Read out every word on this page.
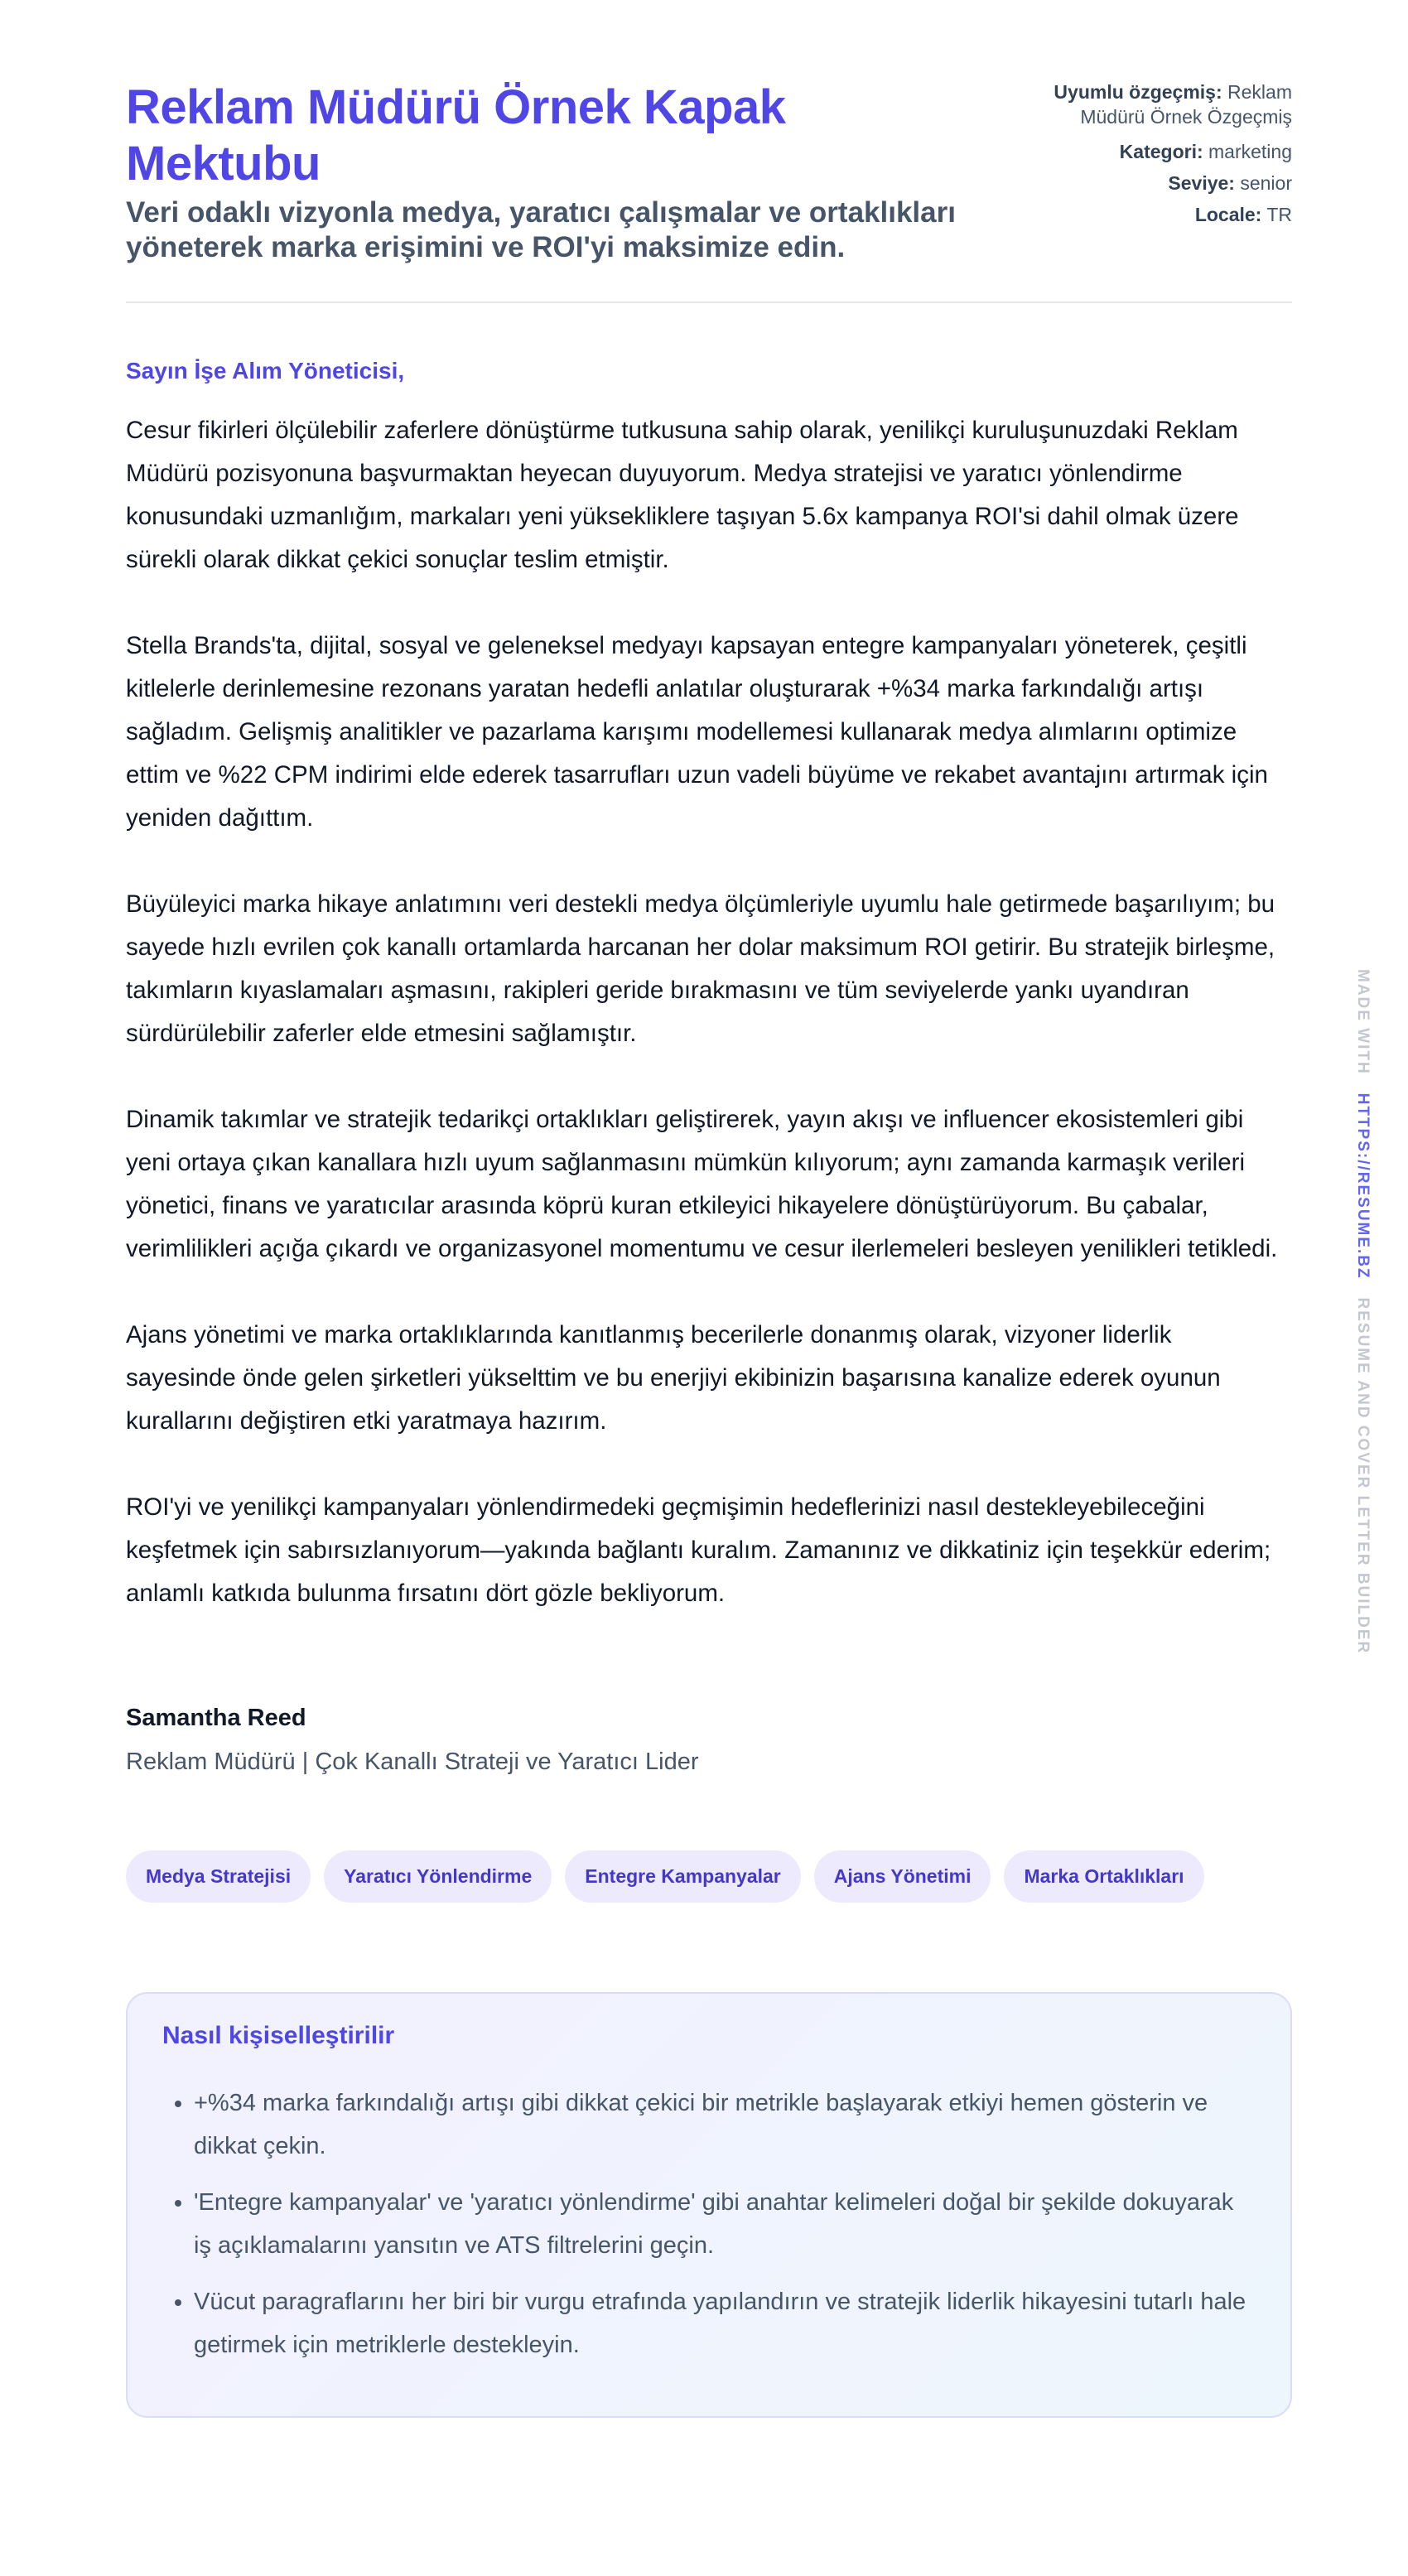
Reklam Müdürü Örnek Kapak Mektubu
Veri odaklı vizyonla medya, yaratıcı çalışmalar ve ortaklıkları yöneterek marka erişimini ve ROI'yi maksimize edin.
Uyumlu özgeçmiş: Reklam Müdürü Örnek Özgeçmiş
Kategori: marketing
Seviye: senior
Locale: TR
Sayın İşe Alım Yöneticisi,

Cesur fikirleri ölçülebilir zaferlere dönüştürme tutkusuna sahip olarak, yenilikçi kuruluşunuzdaki Reklam Müdürü pozisyonuna başvurmaktan heyecan duyuyorum. Medya stratejisi ve yaratıcı yönlendirme konusundaki uzmanlığım, markaları yeni yüksekliklere taşıyan 5.6x kampanya ROI'si dahil olmak üzere sürekli olarak dikkat çekici sonuçlar teslim etmiştir.

Stella Brands'ta, dijital, sosyal ve geleneksel medyayı kapsayan entegre kampanyaları yöneterek, çeşitli kitlelerle derinlemesine rezonans yaratan hedefli anlatılar oluşturarak +%34 marka farkındalığı artışı sağladım. Gelişmiş analitikler ve pazarlama karışımı modellemesi kullanarak medya alımlarını optimize ettim ve %22 CPM indirimi elde ederek tasarrufları uzun vadeli büyüme ve rekabet avantajını artırmak için yeniden dağıttım.

Büyüleyici marka hikaye anlatımını veri destekli medya ölçümleriyle uyumlu hale getirmede başarılıyım; bu sayede hızlı evrilen çok kanallı ortamlarda harcanan her dolar maksimum ROI getirir. Bu stratejik birleşme, takımların kıyaslamaları aşmasını, rakipleri geride bırakmasını ve tüm seviyelerde yankı uyandıran sürdürülebilir zaferler elde etmesini sağlamıştır.

Dinamik takımlar ve stratejik tedarikçi ortaklıkları geliştirerek, yayın akışı ve influencer ekosistemleri gibi yeni ortaya çıkan kanallara hızlı uyum sağlanmasını mümkün kılıyorum; aynı zamanda karmaşık verileri yönetici, finans ve yaratıcılar arasında köprü kuran etkileyici hikayelere dönüştürüyorum. Bu çabalar, verimlilikleri açığa çıkardı ve organizasyonel momentumu ve cesur ilerlemeleri besleyen yenilikleri tetikledi.

Ajans yönetimi ve marka ortaklıklarında kanıtlanmış becerilerle donanmış olarak, vizyoner liderlik sayesinde önde gelen şirketleri yükselttim ve bu enerjiyi ekibinizin başarısına kanalize ederek oyunun kurallarını değiştiren etki yaratmaya hazırım.

ROI'yi ve yenilikçi kampanyaları yönlendirmedeki geçmişimin hedeflerinizi nasıl destekleyebileceğini keşfetmek için sabırsızlanıyorum—yakında bağlantı kuralım. Zamanınız ve dikkatiniz için teşekkür ederim; anlamlı katkıda bulunma fırsatını dört gözle bekliyorum.

Samantha Reed
Reklam Müdürü | Çok Kanallı Strateji ve Yaratıcı Lider
Medya Stratejisi	Yaratıcı Yönlendirme	Entegre Kampanyalar	Ajans Yönetimi	Marka Ortaklıkları
Nasıl kişiselleştirilir
• +%34 marka farkındalığı artışı gibi dikkat çekici bir metrikle başlayarak etkiyi hemen gösterin ve dikkat çekin.
• 'Entegre kampanyalar' ve 'yaratıcı yönlendirme' gibi anahtar kelimeleri doğal bir şekilde dokuyarak iş açıklamalarını yansıtın ve ATS filtrelerini geçin.
• Vücut paragraflarını her biri bir vurgu etrafında yapılandırın ve stratejik liderlik hikayesini tutarlı hale getirmek için metriklerle destekleyin.
MADE WITH   HTTPS://RESUME.BZ   RESUME AND COVER LETTER BUILDER
